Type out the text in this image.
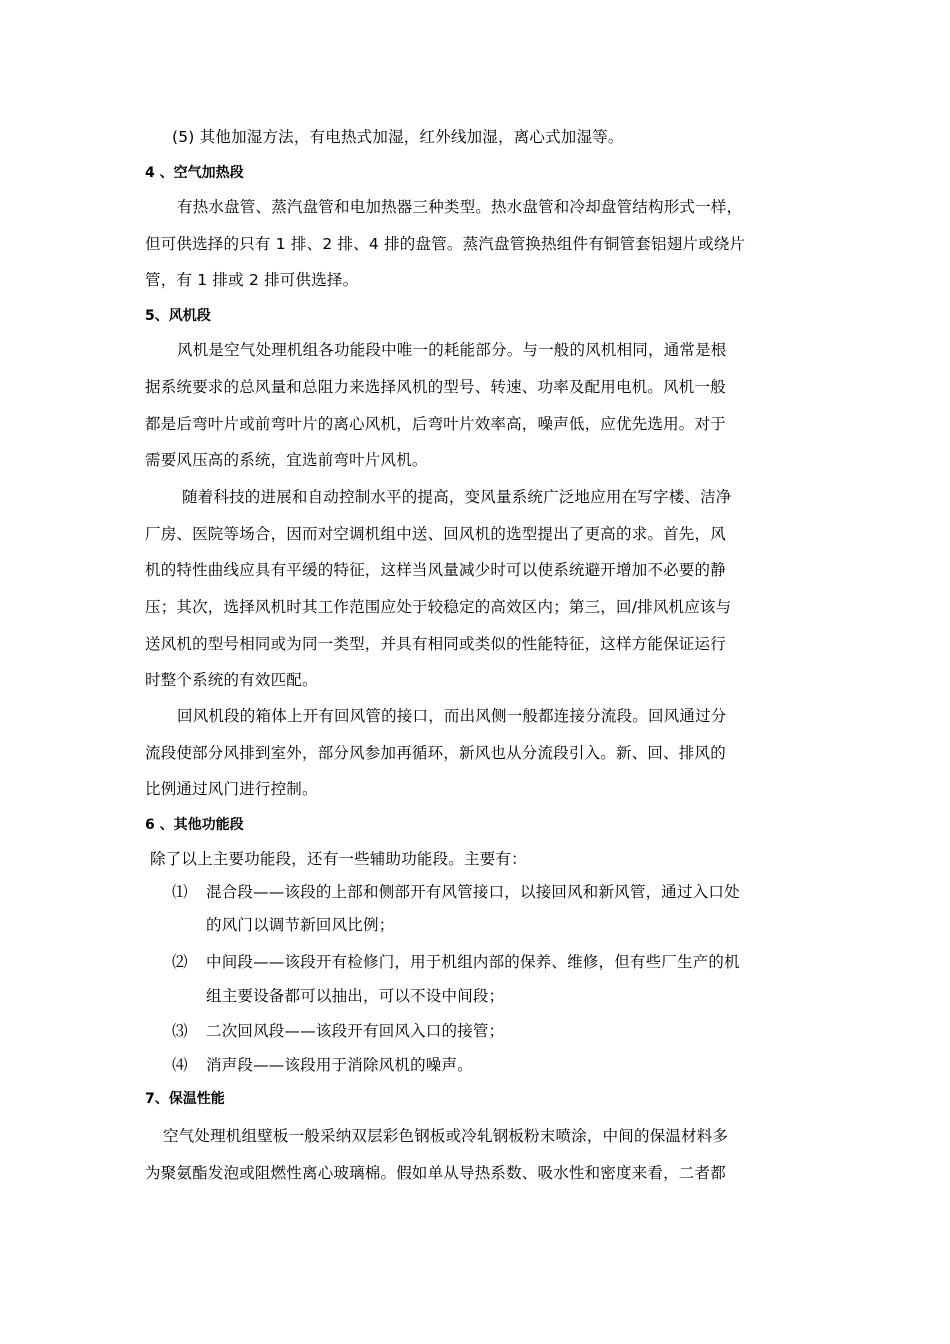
(5) 其他加湿方法，有电热式加湿，红外线加湿，离心式加湿等。
4 、空气加热段
有热水盘管、蒸汽盘管和电加热器三种类型。热水盘管和冷却盘管结构形式一样，
但可供选择的只有 1 排、2 排、4 排的盘管。蒸汽盘管换热组件有铜管套铝翅片或绕片
管，有 1 排或 2 排可供选择。
5、风机段
风机是空气处理机组各功能段中唯一的耗能部分。与一般的风机相同，通常是根
据系统要求的总风量和总阻力来选择风机的型号、转速、功率及配用电机。风机一般
都是后弯叶片或前弯叶片的离心风机，后弯叶片效率高，噪声低，应优先选用。对于
需要风压高的系统，宜选前弯叶片风机。
随着科技的进展和自动控制水平的提高，变风量系统广泛地应用在写字楼、洁净
厂房、医院等场合，因而对空调机组中送、回风机的选型提出了更高的求。首先，风
机的特性曲线应具有平缓的特征，这样当风量减少时可以使系统避开增加不必要的静
压；其次，选择风机时其工作范围应处于较稳定的高效区内；第三，回/排风机应该与
送风机的型号相同或为同一类型，并具有相同或类似的性能特征，这样方能保证运行
时整个系统的有效匹配。
回风机段的箱体上开有回风管的接口，而出风侧一般都连接分流段。回风通过分
流段使部分风排到室外，部分风参加再循环，新风也从分流段引入。新、回、排风的
比例通过风门进行控制。
6 、其他功能段
除了以上主要功能段，还有一些辅助功能段。主要有：
⑴ 混合段——该段的上部和侧部开有风管接口，以接回风和新风管，通过入口处
的风门以调节新回风比例；
⑵ 中间段——该段开有检修门，用于机组内部的保养、维修，但有些厂生产的机
组主要设备都可以抽出，可以不设中间段；
⑶ 二次回风段——该段开有回风入口的接管；
⑷ 消声段——该段用于消除风机的噪声。
7、保温性能
空气处理机组壁板一般采纳双层彩色钢板或冷轧钢板粉末喷涂，中间的保温材料多
为聚氨酯发泡或阻燃性离心玻璃棉。假如单从导热系数、吸水性和密度来看，二者都
